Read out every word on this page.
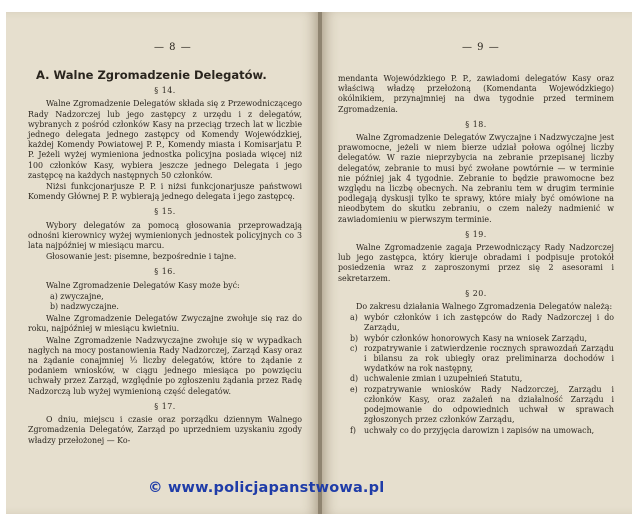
— 8 —
A. Walne Zgromadzenie Delegatów.
§ 14.

Walne Zgromadzenie Delegatów składa się z Przewodniczącego Rady Nadzorczej lub jego zastępcy z urzędu i z delegatów, wybranych z pośród członków Kasy na przeciąg trzech lat w liczbie jednego delegata jednego zastępcy od Komendy Wojewódzkiej, każdej Komendy Powiatowej P. P., Komendy miasta i Komisarjatu P. P. Jeżeli wyżej wymieniona jednostka policyjna posiada więcej niż 100 członków Kasy, wybiera jeszcze jednego Delegata i jego zastępcę na każdych następnych 50 członków.

Niżsi funkcjonarjusze P. P. i niżsi funkcjonarjusze państwowi Komendy Głównej P. P. wybierają jednego delegata i jego zastępcę.

§ 15.

Wybory delegatów za pomocą głosowania przeprowadzają odnośni kierownicy wyżej wymienionych jednostek policyjnych co 3 lata najpóźniej w miesiącu marcu.

Głosowanie jest: pisemne, bezpośrednie i tajne.

§ 16.

Walne Zgromadzenie Delegatów Kasy może być:

a) zwyczajne,
b) nadzwyczajne.

Walne Zgromadzenie Delegatów Zwyczajne zwołuje się raz do roku, najpóźniej w miesiącu kwietniu.

Walne Zgromadzenie Nadzwyczajne zwołuje się w wypadkach nagłych na mocy postanowienia Rady Nadzorczej, Zarząd Kasy oraz na żądanie conajmniej ⅓ liczby delegatów, które to żądanie z podaniem wniosków, w ciągu jednego miesiąca po powzięciu uchwały przez Zarząd, względnie po zgłoszeniu żądania przez Radę Nadzorczą lub wyżej wymienioną część delegatów.

§ 17.

O dniu, miejscu i czasie oraz porządku dziennym Walnego Zgromadzenia Delegatów, Zarząd po uprzedniem uzyskaniu zgody władzy przełożonej — Ko-

— 9 —

mendanta Wojewódzkiego P. P., zawiadomi delegatów Kasy oraz właściwą władzę przełożoną (Komendanta Wojewódzkiego) okólnikiem, przynajmniej na dwa tygodnie przed terminem Zgromadzenia.

§ 18.

Walne Zgromadzenie Delegatów Zwyczajne i Nadzwyczajne jest prawomocne, jeżeli w niem bierze udział połowa ogólnej liczby delegatów. W razie nieprzybycia na zebranie przepisanej liczby delegatów, zebranie to musi być zwołane powtórnie — w terminie nie później jak 4 tygodnie. Zebranie to będzie prawomocne bez względu na liczbę obecnych. Na zebraniu tem w drugim terminie podlegają dyskusji tylko te sprawy, które miały być omówione na nieodbytem do skutku zebraniu, o czem należy nadmienić w zawiadomieniu w pierwszym terminie.

§ 19.

Walne Zgromadzenie zagaja Przewodniczący Rady Nadzorczej lub jego zastępca, który kieruje obradami i podpisuje protokół posiedzenia wraz z zaproszonymi przez się 2 asesorami i sekretarzem.

§ 20.

Do zakresu działania Walnego Zgromadzenia Delegatów należą:

a) wybór członków i ich zastępców do Rady Nadzorczej i do Zarządu,
b) wybór członków honorowych Kasy na wniosek Zarządu,
c) rozpatrywanie i zatwierdzenie rocznych sprawozdań Zarządu i bilansu za rok ubiegły oraz preliminarza dochodów i wydatków na rok następny,
d) uchwalenie zmian i uzupełnień Statutu,
e) rozpatrywanie wniosków Rady Nadzorczej, Zarządu i członków Kasy, oraz zażaleń na działalność Zarządu i podejmowanie do odpowiednich uchwał w sprawach zgłoszonych przez członków Zarządu,
f) uchwały co do przyjęcia darowizn i zapisów na umowach,
© www.policjapanstwowa.pl
